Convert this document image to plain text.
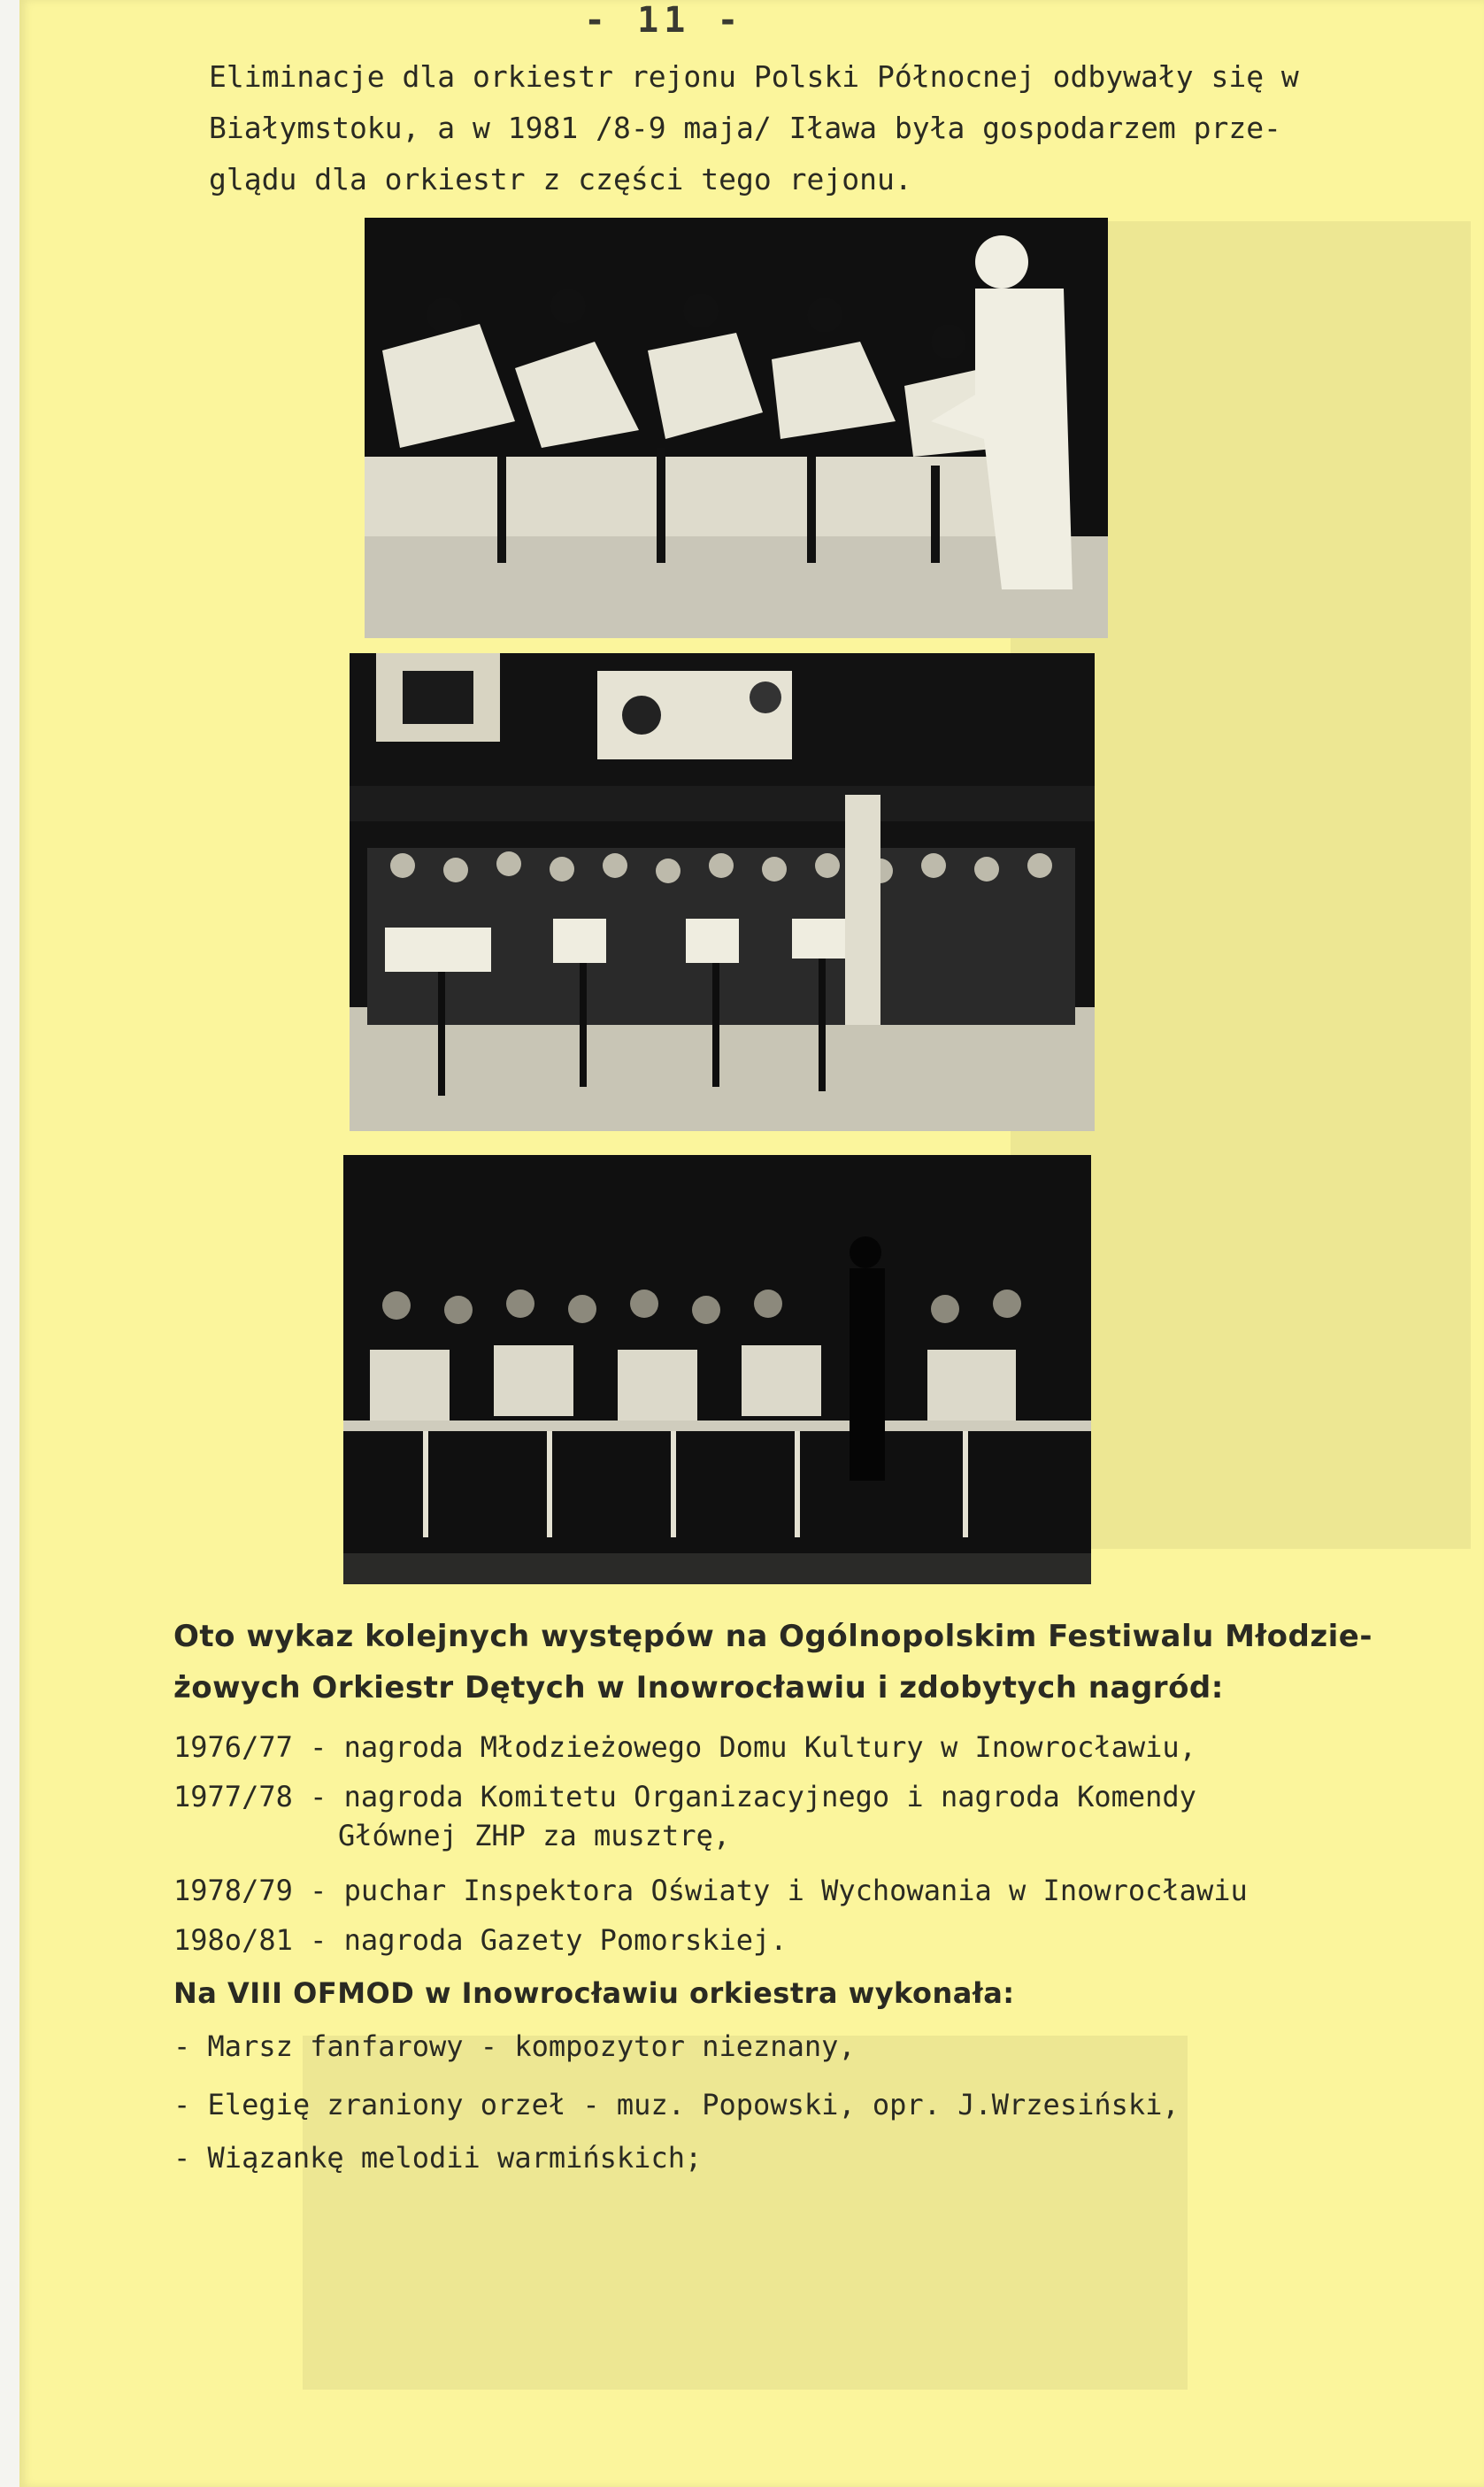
- 11 -
Eliminacje dla orkiestr rejonu Polski Północnej odbywały się w
Białymstoku, a w 1981 /8-9 maja/ Iława była gospodarzem prze-
glądu dla orkiestr z części tego rejonu.
Oto wykaz kolejnych występów na Ogólnopolskim Festiwalu Młodzie-
żowych Orkiestr Dętych w Inowrocławiu i zdobytych nagród:
1976/77 - nagroda Młodzieżowego Domu Kultury w Inowrocławiu,
1977/78 - nagroda Komitetu Organizacyjnego i nagroda Komendy
Głównej ZHP za musztrę,
1978/79 - puchar Inspektora Oświaty i Wychowania w Inowrocławiu
198o/81 - nagroda Gazety Pomorskiej.
Na VIII OFMOD w Inowrocławiu orkiestra wykonała:
- Marsz fanfarowy - kompozytor nieznany,
- Elegię zraniony orzeł - muz. Popowski, opr. J.Wrzesiński,
- Wiązankę melodii warmińskich;
